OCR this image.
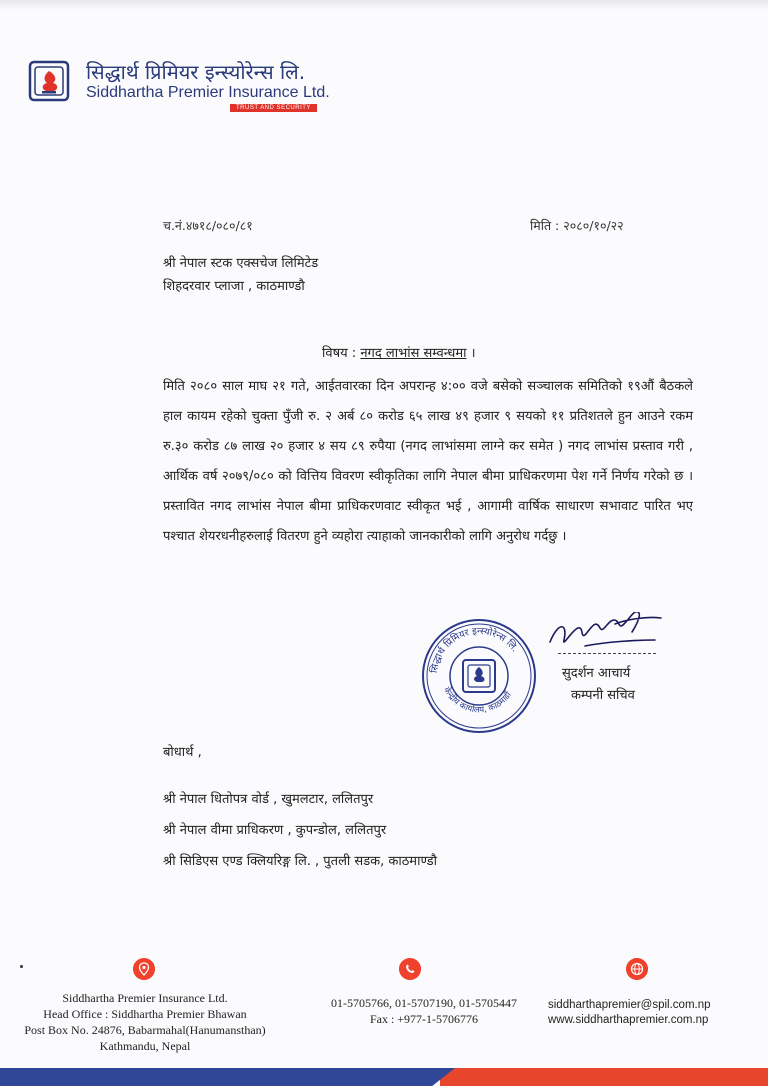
सिद्धार्थ प्रिमियर इन्स्योरेन्स लि.
Siddhartha Premier Insurance Ltd.
TRUST AND SECURITY
च.नं.४७१८/०८०/८१	मिति : २०८०/१०/२२
श्री नेपाल स्टक एक्सचेज लिमिटेड
शिहदरवार प्लाजा , काठमाण्डौ
विषय : नगद लाभांस सम्वन्धमा ।
मिति २०८० साल माघ २१ गते, आईतवारका दिन अपरान्ह ४:०० वजे बसेको सञ्चालक समितिको १९औं बैठकले हाल कायम रहेको चुक्ता पुँजी रु. २ अर्ब ८० करोड ६५ लाख ४९ हजार ९ सयको ११ प्रतिशतले हुन आउने रकम रु.३० करोड ८७ लाख २० हजार ४ सय ८९ रुपैया (नगद लाभांसमा लाग्ने कर समेत ) नगद लाभांस प्रस्ताव गरी , आर्थिक वर्ष २०७९/०८० को वित्तिय विवरण स्वीकृतिका लागि नेपाल बीमा प्राधिकरणमा पेश गर्ने निर्णय गरेको छ । प्रस्तावित नगद लाभांस नेपाल बीमा प्राधिकरणवाट स्वीकृत भई , आगामी वार्षिक साधारण सभावाट पारित भए पश्चात शेयरधनीहरुलाई वितरण हुने व्यहोरा त्याहाको जानकारीको लागि अनुरोध गर्दछु ।
सिद्धार्थ प्रिमियर इन्स्योरेन्स लि.
केन्द्रीय कार्यालय, काठमाडौं
सुदर्शन आचार्य
कम्पनी सचिव
बोधार्थ ,
श्री नेपाल धितोपत्र वोर्ड , खुमलटार, ललितपुर
श्री नेपाल वीमा प्राधिकरण , कुपन्डोल, ललितपुर
श्री सिडिएस एण्ड क्लियरिङ्ग लि. , पुतली सडक, काठमाण्डौ
Siddhartha Premier Insurance Ltd.
Head Office : Siddhartha Premier Bhawan
Post Box No. 24876, Babarmahal(Hanumansthan)
Kathmandu, Nepal
01-5705766, 01-5707190, 01-5705447
Fax : +977-1-5706776
siddharthapremier@spil.com.np
www.siddharthapremier.com.np
